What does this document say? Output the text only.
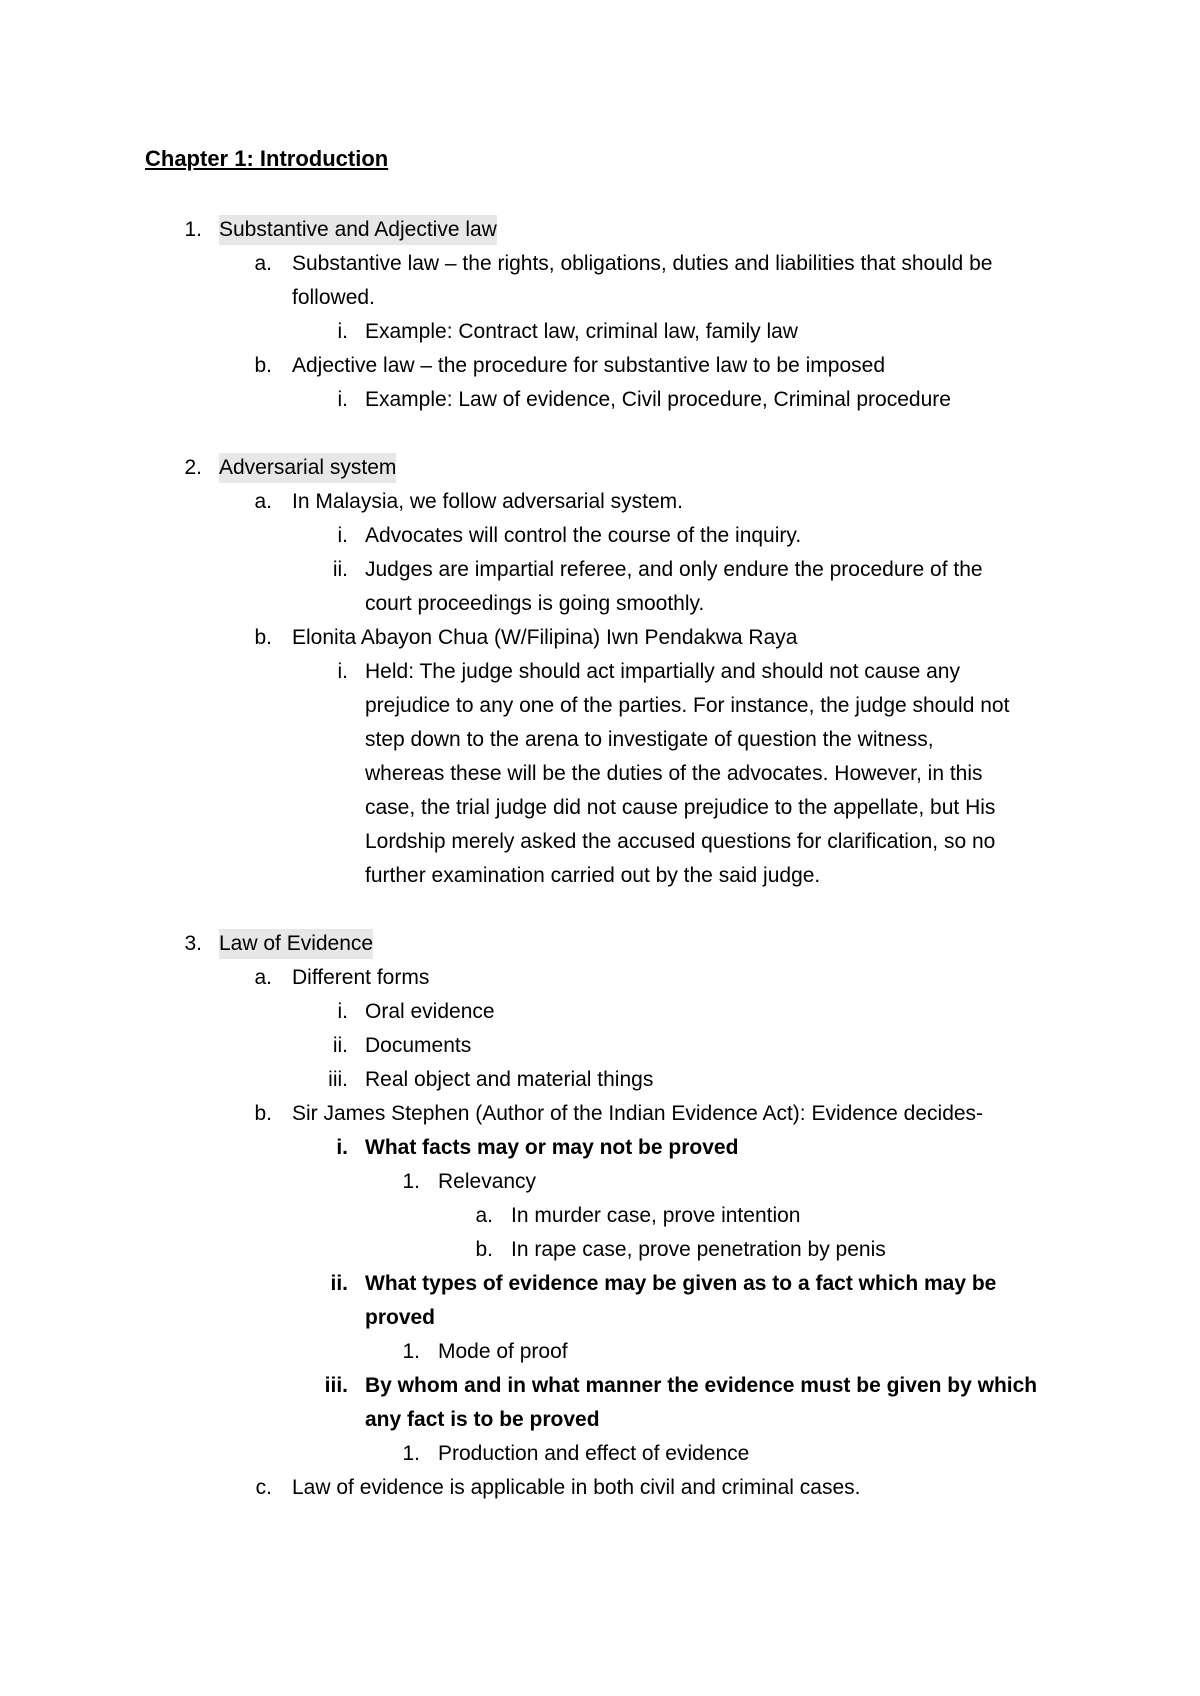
Chapter 1: Introduction
1. Substantive and Adjective law
a. Substantive law – the rights, obligations, duties and liabilities that should be
followed.
i. Example: Contract law, criminal law, family law
b. Adjective law – the procedure for substantive law to be imposed
i. Example: Law of evidence, Civil procedure, Criminal procedure
2. Adversarial system
a. In Malaysia, we follow adversarial system.
i. Advocates will control the course of the inquiry.
ii. Judges are impartial referee, and only endure the procedure of the
court proceedings is going smoothly.
b. Elonita Abayon Chua (W/Filipina) Iwn Pendakwa Raya
i. Held: The judge should act impartially and should not cause any
prejudice to any one of the parties. For instance, the judge should not
step down to the arena to investigate of question the witness,
whereas these will be the duties of the advocates. However, in this
case, the trial judge did not cause prejudice to the appellate, but His
Lordship merely asked the accused questions for clarification, so no
further examination carried out by the said judge.
3. Law of Evidence
a. Different forms
i. Oral evidence
ii. Documents
iii. Real object and material things
b. Sir James Stephen (Author of the Indian Evidence Act): Evidence decides-
i. What facts may or may not be proved
1. Relevancy
a. In murder case, prove intention
b. In rape case, prove penetration by penis
ii. What types of evidence may be given as to a fact which may be
proved
1. Mode of proof
iii. By whom and in what manner the evidence must be given by which
any fact is to be proved
1. Production and effect of evidence
c. Law of evidence is applicable in both civil and criminal cases.
